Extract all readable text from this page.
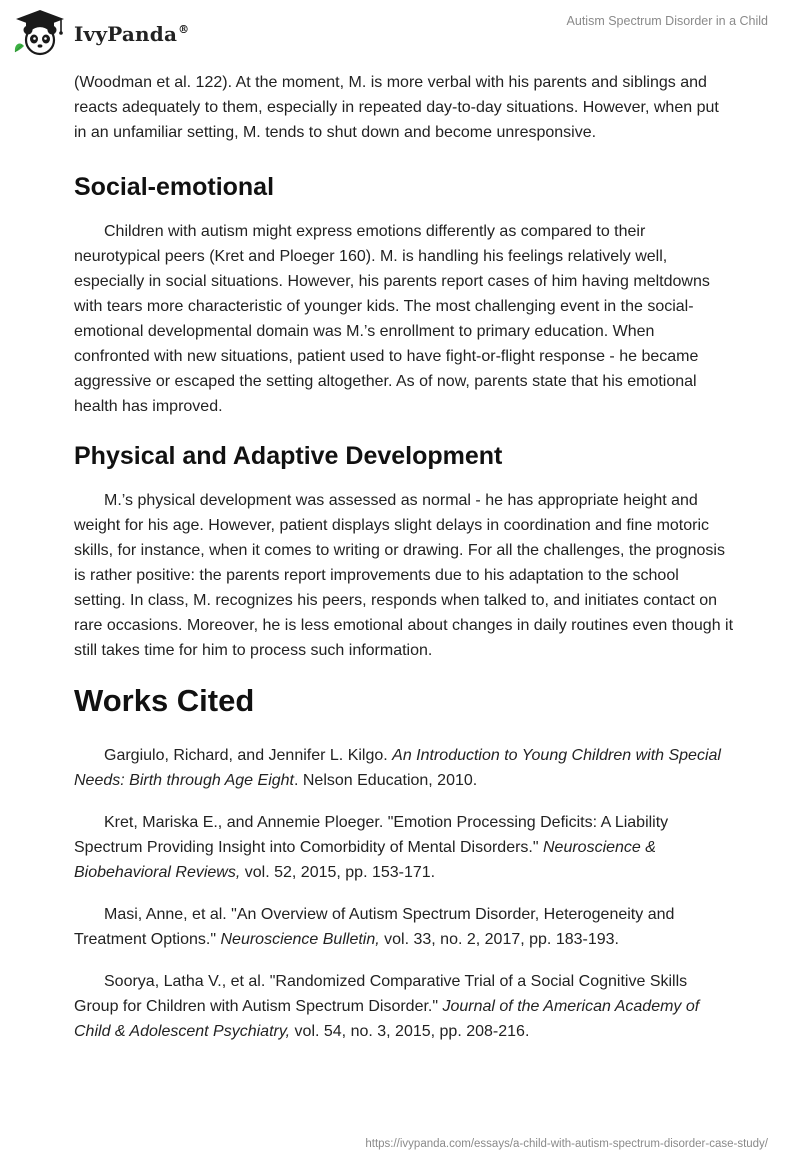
IvyPanda®
Autism Spectrum Disorder in a Child

(Woodman et al. 122). At the moment, M. is more verbal with his parents and siblings and reacts adequately to them, especially in repeated day-to-day situations. However, when put in an unfamiliar setting, M. tends to shut down and become unresponsive.

Social-emotional

Children with autism might express emotions differently as compared to their neurotypical peers (Kret and Ploeger 160). M. is handling his feelings relatively well, especially in social situations. However, his parents report cases of him having meltdowns with tears more characteristic of younger kids. The most challenging event in the social-emotional developmental domain was M.’s enrollment to primary education. When confronted with new situations, patient used to have fight-or-flight response - he became aggressive or escaped the setting altogether. As of now, parents state that his emotional health has improved.

Physical and Adaptive Development

M.’s physical development was assessed as normal - he has appropriate height and weight for his age. However, patient displays slight delays in coordination and fine motoric skills, for instance, when it comes to writing or drawing. For all the challenges, the prognosis is rather positive: the parents report improvements due to his adaptation to the school setting. In class, M. recognizes his peers, responds when talked to, and initiates contact on rare occasions. Moreover, he is less emotional about changes in daily routines even though it still takes time for him to process such information.

Works Cited

Gargiulo, Richard, and Jennifer L. Kilgo. An Introduction to Young Children with Special Needs: Birth through Age Eight. Nelson Education, 2010.

Kret, Mariska E., and Annemie Ploeger. "Emotion Processing Deficits: A Liability Spectrum Providing Insight into Comorbidity of Mental Disorders." Neuroscience & Biobehavioral Reviews, vol. 52, 2015, pp. 153-171.

Masi, Anne, et al. "An Overview of Autism Spectrum Disorder, Heterogeneity and Treatment Options." Neuroscience Bulletin, vol. 33, no. 2, 2017, pp. 183-193.

Soorya, Latha V., et al. "Randomized Comparative Trial of a Social Cognitive Skills Group for Children with Autism Spectrum Disorder." Journal of the American Academy of Child & Adolescent Psychiatry, vol. 54, no. 3, 2015, pp. 208-216.

https://ivypanda.com/essays/a-child-with-autism-spectrum-disorder-case-study/
